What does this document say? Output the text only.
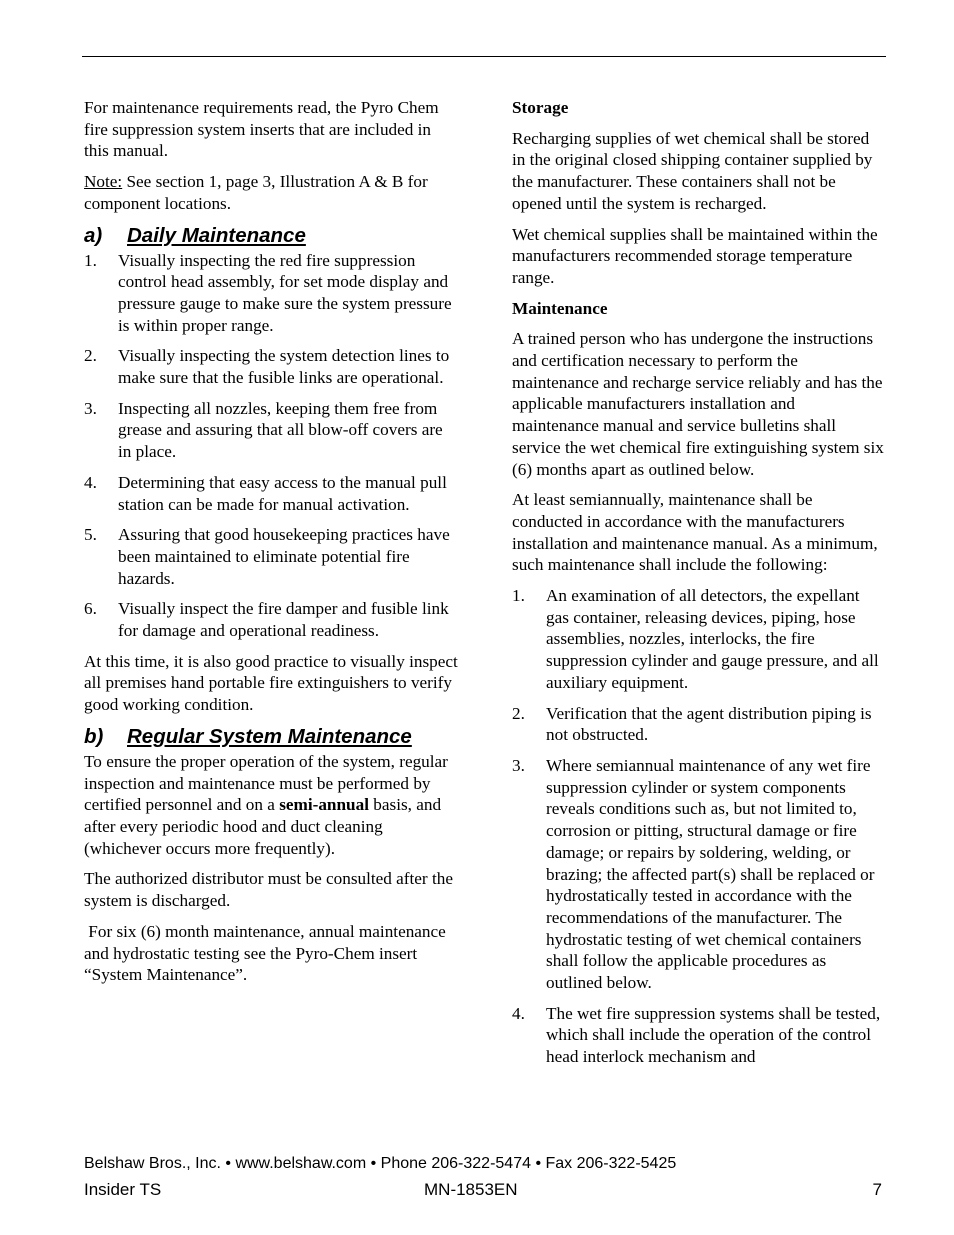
For maintenance requirements read, the Pyro Chem fire suppression system inserts that are included in this manual.

Note: See section 1, page 3, Illustration A & B for component locations.

a) Daily Maintenance
1. Visually inspecting the red fire suppression control head assembly, for set mode display and pressure gauge to make sure the system pressure is within proper range.
2. Visually inspecting the system detection lines to make sure that the fusible links are operational.
3. Inspecting all nozzles, keeping them free from grease and assuring that all blow-off covers are in place.
4. Determining that easy access to the manual pull station can be made for manual activation.
5. Assuring that good housekeeping practices have been maintained to eliminate potential fire hazards.
6. Visually inspect the fire damper and fusible link for damage and operational readiness.

At this time, it is also good practice to visually inspect all premises hand portable fire extinguishers to verify good working condition.

b) Regular System Maintenance

To ensure the proper operation of the system, regular inspection and maintenance must be performed by certified personnel and on a semi-annual basis, and after every periodic hood and duct cleaning (whichever occurs more frequently).

The authorized distributor must be consulted after the system is discharged.

For six (6) month maintenance, annual maintenance and hydrostatic testing see the Pyro-Chem insert “System Maintenance”.

Storage

Recharging supplies of wet chemical shall be stored in the original closed shipping container supplied by the manufacturer. These containers shall not be opened until the system is recharged.

Wet chemical supplies shall be maintained within the manufacturers recommended storage temperature range.

Maintenance

A trained person who has undergone the instructions and certification necessary to perform the maintenance and recharge service reliably and has the applicable manufacturers installation and maintenance manual and service bulletins shall service the wet chemical fire extinguishing system six (6) months apart as outlined below.

At least semiannually, maintenance shall be conducted in accordance with the manufacturers installation and maintenance manual. As a minimum, such maintenance shall include the following:

1. An examination of all detectors, the expellant gas container, releasing devices, piping, hose assemblies, nozzles, interlocks, the fire suppression cylinder and gauge pressure, and all auxiliary equipment.
2. Verification that the agent distribution piping is not obstructed.
3. Where semiannual maintenance of any wet fire suppression cylinder or system components reveals conditions such as, but not limited to, corrosion or pitting, structural damage or fire damage; or repairs by soldering, welding, or brazing; the affected part(s) shall be replaced or hydrostatically tested in accordance with the recommendations of the manufacturer. The hydrostatic testing of wet chemical containers shall follow the applicable procedures as outlined below.
4. The wet fire suppression systems shall be tested, which shall include the operation of the control head interlock mechanism and
Belshaw Bros., Inc. • www.belshaw.com • Phone 206-322-5474 • Fax 206-322-5425
Insider TS	MN-1853EN	7
